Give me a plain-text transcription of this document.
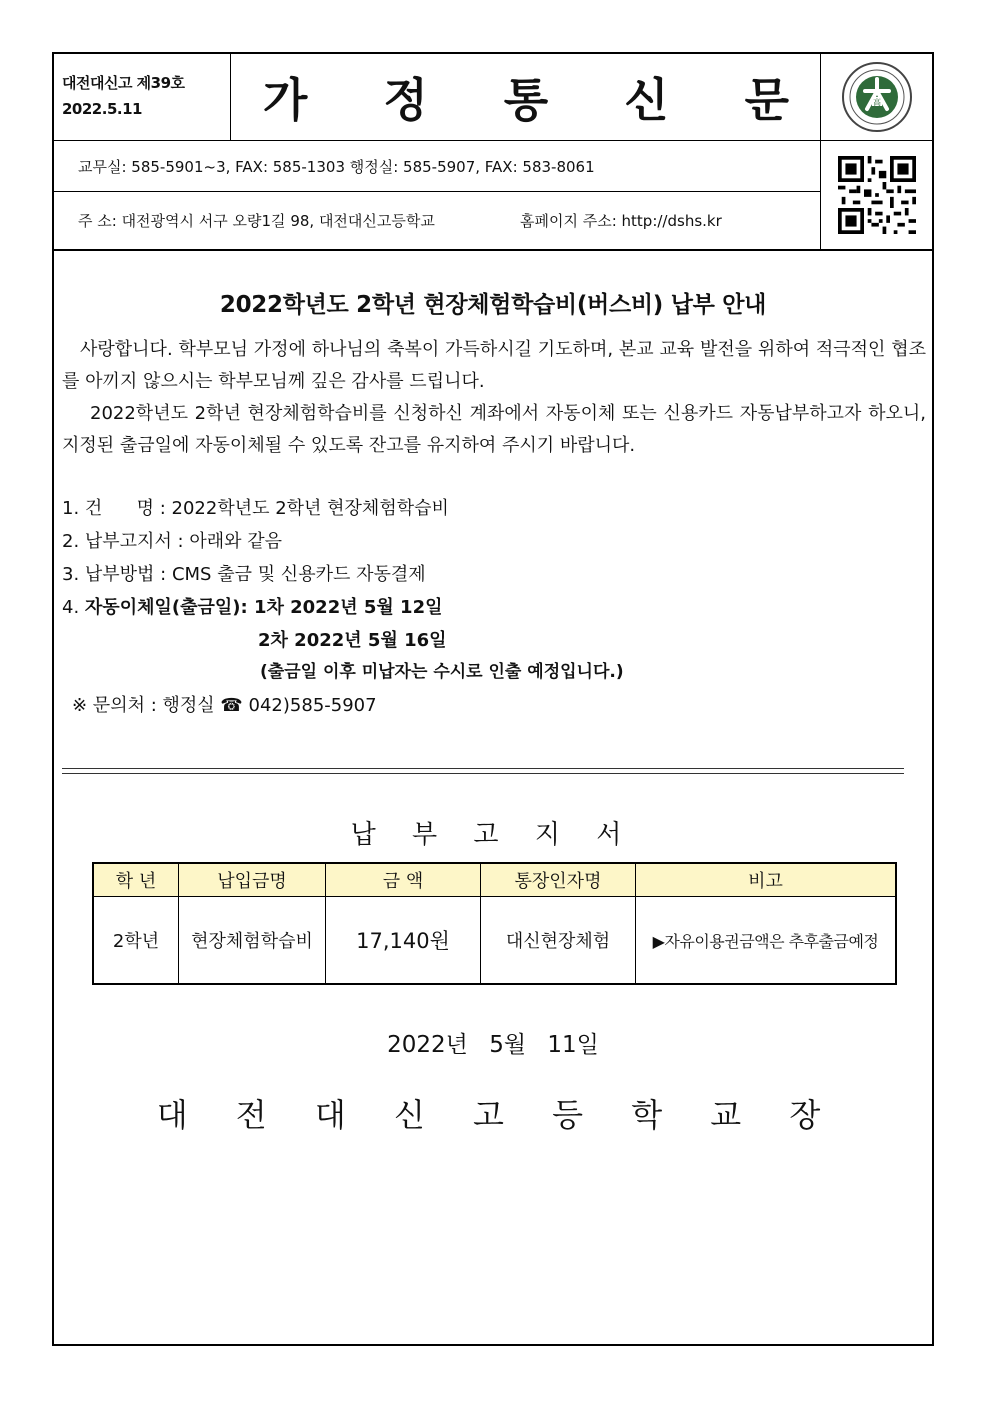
대전대신고 제39호
2022.5.11	가 정 통 신 문	高
교무실: 585-5901~3, FAX: 585-1303 행정실: 585-5907, FAX: 583-8061
주 소: 대전광역시 서구 오량1길 98, 대전대신고등학교	홈페이지 주소: http://dshs.kr
2022학년도 2학년 현장체험학습비(버스비) 납부 안내
사랑합니다. 학부모님 가정에 하나님의 축복이 가득하시길 기도하며, 본교 교육 발전을 위하여 적극적인 협조를 아끼지 않으시는 학부모님께 깊은 감사를 드립니다.
2022학년도 2학년 현장체험학습비를 신청하신 계좌에서 자동이체 또는 신용카드 자동납부하고자 하오니, 지정된 출금일에 자동이체될 수 있도록 잔고를 유지하여 주시기 바랍니다.
1. 건      명 : 2022학년도 2학년 현장체험학습비
2. 납부고지서 : 아래와 같음
3. 납부방법 : CMS 출금 및 신용카드 자동결제
4. 자동이체일(출금일): 1차 2022년 5월 12일
2차 2022년 5월 16일
(출금일 이후 미납자는 수시로 인출 예정입니다.)
※ 문의처 : 행정실 ☎ 042)585-5907
납 부 고 지 서
학 년	납입금명	금 액	통장인자명	비고
2학년	현장체험학습비	17,140원	대신현장체험	▶자유이용권금액은 추후출금예정
2022년 5월 11일
대 전 대 신 고 등 학 교 장
